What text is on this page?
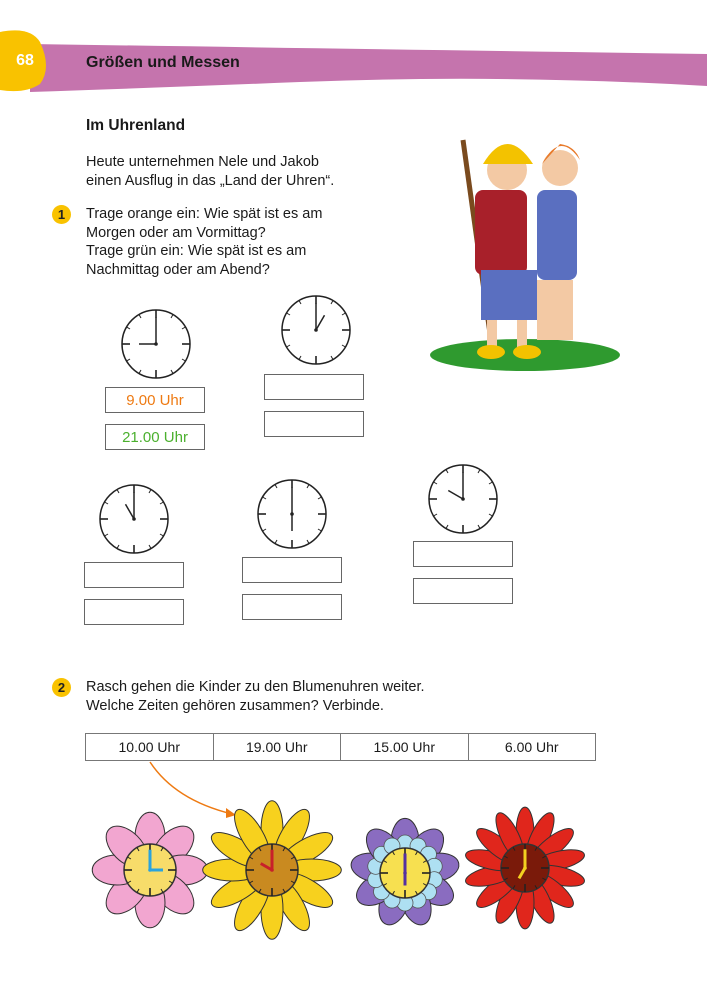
68	Größen und Messen
Im Uhrenland
Heute unternehmen Nele und Jakob
einen Ausflug in das „Land der Uhren“.
1	Trage orange ein: Wie spät ist es am
Morgen oder am Vormittag?
Trage grün ein: Wie spät ist es am
Nachmittag oder am Abend?
9.00 Uhr
21.00 Uhr
2	Rasch gehen die Kinder zu den Blumenuhren weiter.
Welche Zeiten gehören zusammen? Verbinde.
10.00 Uhr	19.00 Uhr	15.00 Uhr	6.00 Uhr
